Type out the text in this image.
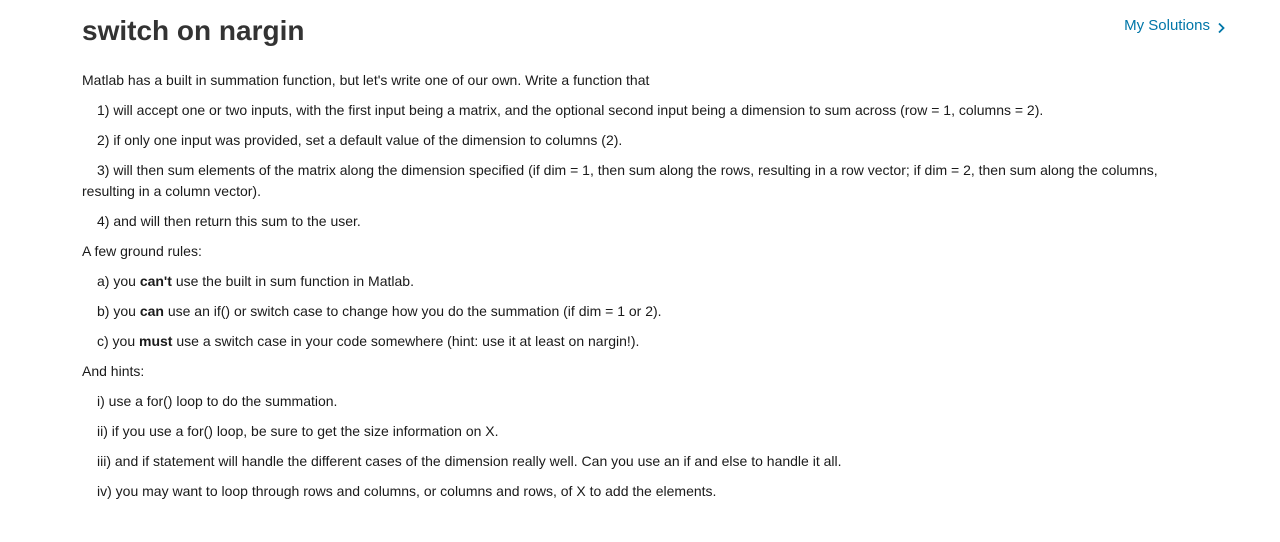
switch on nargin	My Solutions

Matlab has a built in summation function, but let's write one of our own. Write a function that

1) will accept one or two inputs, with the first input being a matrix, and the optional second input being a dimension to sum across (row = 1, columns = 2).

2) if only one input was provided, set a default value of the dimension to columns (2).

3) will then sum elements of the matrix along the dimension specified (if dim = 1, then sum along the rows, resulting in a row vector; if dim = 2, then sum along the columns, resulting in a column vector).

4) and will then return this sum to the user.

A few ground rules:

a) you can't use the built in sum function in Matlab.

b) you can use an if() or switch case to change how you do the summation (if dim = 1 or 2).

c) you must use a switch case in your code somewhere (hint: use it at least on nargin!).

And hints:

i) use a for() loop to do the summation.

ii) if you use a for() loop, be sure to get the size information on X.

iii) and if statement will handle the different cases of the dimension really well. Can you use an if and else to handle it all.

iv) you may want to loop through rows and columns, or columns and rows, of X to add the elements.
